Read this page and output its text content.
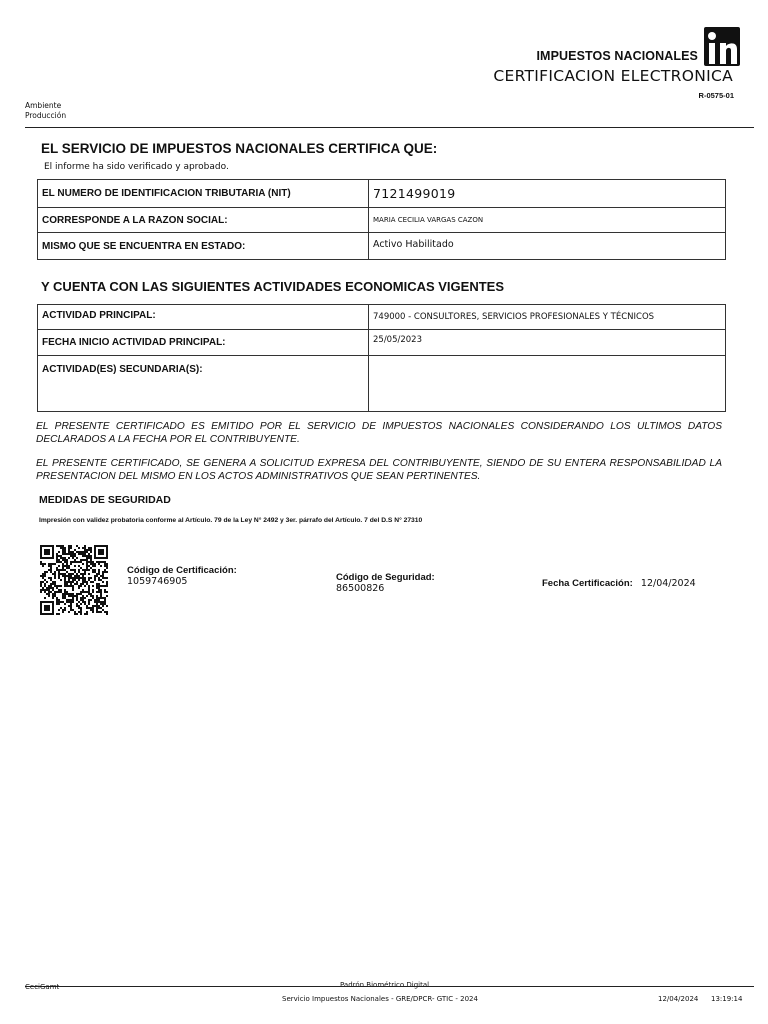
IMPUESTOS NACIONALES
CERTIFICACION ELECTRONICA
R-0575-01
Ambiente
Producción
EL SERVICIO DE IMPUESTOS NACIONALES CERTIFICA QUE:
El informe ha sido verificado y aprobado.
EL NUMERO DE IDENTIFICACION TRIBUTARIA (NIT)	7121499019
CORRESPONDE A LA RAZON SOCIAL:	MARIA CECILIA VARGAS CAZON
MISMO QUE SE ENCUENTRA EN ESTADO:	Activo Habilitado
Y CUENTA CON LAS SIGUIENTES ACTIVIDADES ECONOMICAS VIGENTES
ACTIVIDAD PRINCIPAL:	749000 - CONSULTORES, SERVICIOS PROFESIONALES Y TÉCNICOS
FECHA INICIO ACTIVIDAD PRINCIPAL:	25/05/2023
ACTIVIDAD(ES) SECUNDARIA(S):	
EL PRESENTE CERTIFICADO ES EMITIDO POR EL SERVICIO DE IMPUESTOS NACIONALES CONSIDERANDO LOS ULTIMOS DATOS DECLARADOS A LA FECHA POR EL CONTRIBUYENTE.
EL PRESENTE CERTIFICADO, SE GENERA A SOLICITUD EXPRESA DEL CONTRIBUYENTE, SIENDO DE SU ENTERA RESPONSABILIDAD LA PRESENTACION DEL MISMO EN LOS ACTOS ADMINISTRATIVOS QUE SEAN PERTINENTES.
MEDIDAS DE SEGURIDAD
Impresión con validez probatoria conforme al Artículo. 79 de la Ley N° 2492 y 3er. párrafo del Artículo. 7 del D.S N° 27310
Código de Certificación:
1059746905	Código de Seguridad:
86500826	Fecha Certificación: 12/04/2024
Padrón Biométrico Digital
CeciGamt
Servicio Impuestos Nacionales - GRE/DPCR- GTIC - 2024	12/04/2024 13:19:14
